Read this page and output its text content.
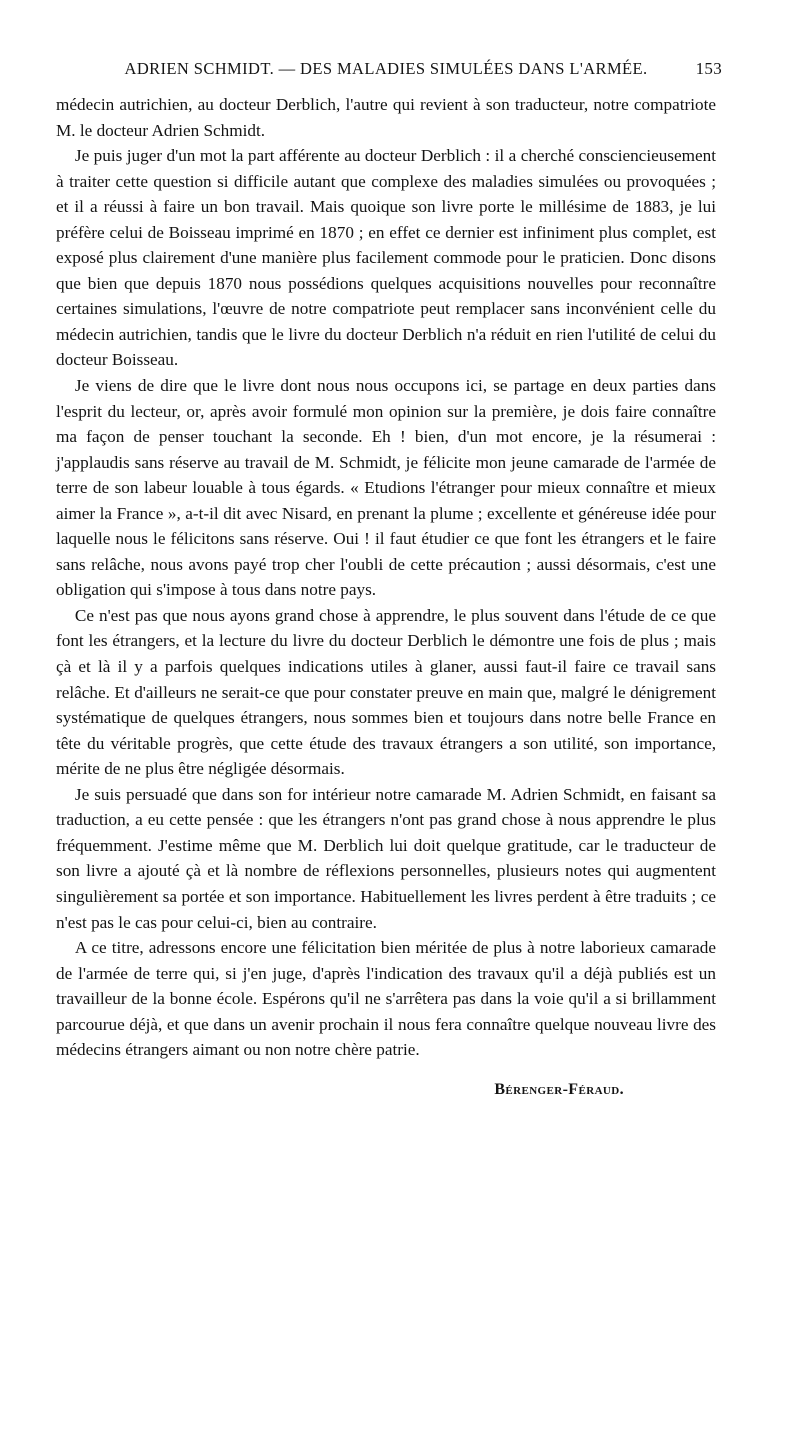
ADRIEN SCHMIDT. — DES MALADIES SIMULÉES DANS L'ARMÉE.	153

médecin autrichien, au docteur Derblich, l'autre qui revient à son traducteur, notre compatriote M. le docteur Adrien Schmidt.

Je puis juger d'un mot la part afférente au docteur Derblich : il a cherché consciencieusement à traiter cette question si difficile autant que complexe des maladies simulées ou provoquées ; et il a réussi à faire un bon travail. Mais quoique son livre porte le millésime de 1883, je lui préfère celui de Boisseau imprimé en 1870 ; en effet ce dernier est infiniment plus complet, est exposé plus clairement d'une manière plus facilement commode pour le praticien. Donc disons que bien que depuis 1870 nous possédions quelques acquisitions nouvelles pour reconnaître certaines simulations, l'œuvre de notre compatriote peut remplacer sans inconvénient celle du médecin autrichien, tandis que le livre du docteur Derblich n'a réduit en rien l'utilité de celui du docteur Boisseau.

Je viens de dire que le livre dont nous nous occupons ici, se partage en deux parties dans l'esprit du lecteur, or, après avoir formulé mon opinion sur la première, je dois faire connaître ma façon de penser touchant la seconde. Eh ! bien, d'un mot encore, je la résumerai : j'applaudis sans réserve au travail de M. Schmidt, je félicite mon jeune camarade de l'armée de terre de son labeur louable à tous égards. « Etudions l'étranger pour mieux connaître et mieux aimer la France », a-t-il dit avec Nisard, en prenant la plume ; excellente et généreuse idée pour laquelle nous le félicitons sans réserve. Oui ! il faut étudier ce que font les étrangers et le faire sans relâche, nous avons payé trop cher l'oubli de cette précaution ; aussi désormais, c'est une obligation qui s'impose à tous dans notre pays.

Ce n'est pas que nous ayons grand chose à apprendre, le plus souvent dans l'étude de ce que font les étrangers, et la lecture du livre du docteur Derblich le démontre une fois de plus ; mais çà et là il y a parfois quelques indications utiles à glaner, aussi faut-il faire ce travail sans relâche. Et d'ailleurs ne serait-ce que pour constater preuve en main que, malgré le dénigrement systématique de quelques étrangers, nous sommes bien et toujours dans notre belle France en tête du véritable progrès, que cette étude des travaux étrangers a son utilité, son importance, mérite de ne plus être négligée désormais.

Je suis persuadé que dans son for intérieur notre camarade M. Adrien Schmidt, en faisant sa traduction, a eu cette pensée : que les étrangers n'ont pas grand chose à nous apprendre le plus fréquemment. J'estime même que M. Derblich lui doit quelque gratitude, car le traducteur de son livre a ajouté çà et là nombre de réflexions personnelles, plusieurs notes qui augmentent singulièrement sa portée et son importance. Habituellement les livres perdent à être traduits ; ce n'est pas le cas pour celui-ci, bien au contraire.

A ce titre, adressons encore une félicitation bien méritée de plus à notre laborieux camarade de l'armée de terre qui, si j'en juge, d'après l'indication des travaux qu'il a déjà publiés est un travailleur de la bonne école. Espérons qu'il ne s'arrêtera pas dans la voie qu'il a si brillamment parcourue déjà, et que dans un avenir prochain il nous fera connaître quelque nouveau livre des médecins étrangers aimant ou non notre chère patrie.

Bérenger-Féraud.
